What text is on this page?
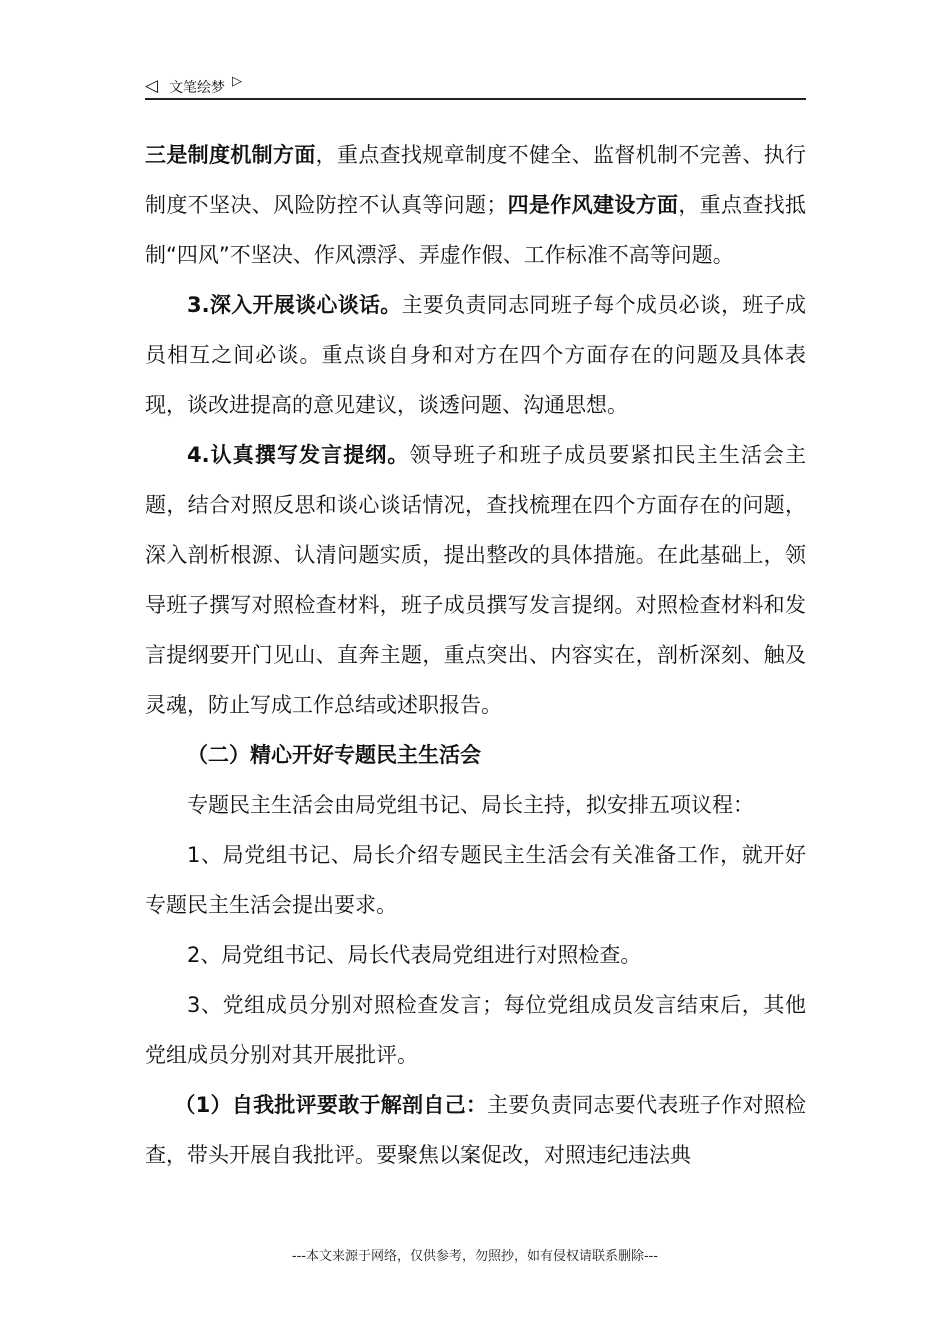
◁ 文笔绘梦 ▷

三是制度机制方面，重点查找规章制度不健全、监督机制不完善、执行制度不坚决、风险防控不认真等问题；四是作风建设方面，重点查找抵制“四风”不坚决、作风漂浮、弄虚作假、工作标准不高等问题。

3.深入开展谈心谈话。主要负责同志同班子每个成员必谈，班子成员相互之间必谈。重点谈自身和对方在四个方面存在的问题及具体表现，谈改进提高的意见建议，谈透问题、沟通思想。

4.认真撰写发言提纲。领导班子和班子成员要紧扣民主生活会主题，结合对照反思和谈心谈话情况，查找梳理在四个方面存在的问题，深入剖析根源、认清问题实质，提出整改的具体措施。在此基础上，领导班子撰写对照检查材料，班子成员撰写发言提纲。对照检查材料和发言提纲要开门见山、直奔主题，重点突出、内容实在，剖析深刻、触及灵魂，防止写成工作总结或述职报告。

（二）精心开好专题民主生活会

专题民主生活会由局党组书记、局长主持，拟安排五项议程：

1、局党组书记、局长介绍专题民主生活会有关准备工作，就开好专题民主生活会提出要求。

2、局党组书记、局长代表局党组进行对照检查。

3、党组成员分别对照检查发言；每位党组成员发言结束后，其他党组成员分别对其开展批评。

（1）自我批评要敢于解剖自己：主要负责同志要代表班子作对照检查，带头开展自我批评。要聚焦以案促改，对照违纪违法典

---本文来源于网络，仅供参考，勿照抄，如有侵权请联系删除---
